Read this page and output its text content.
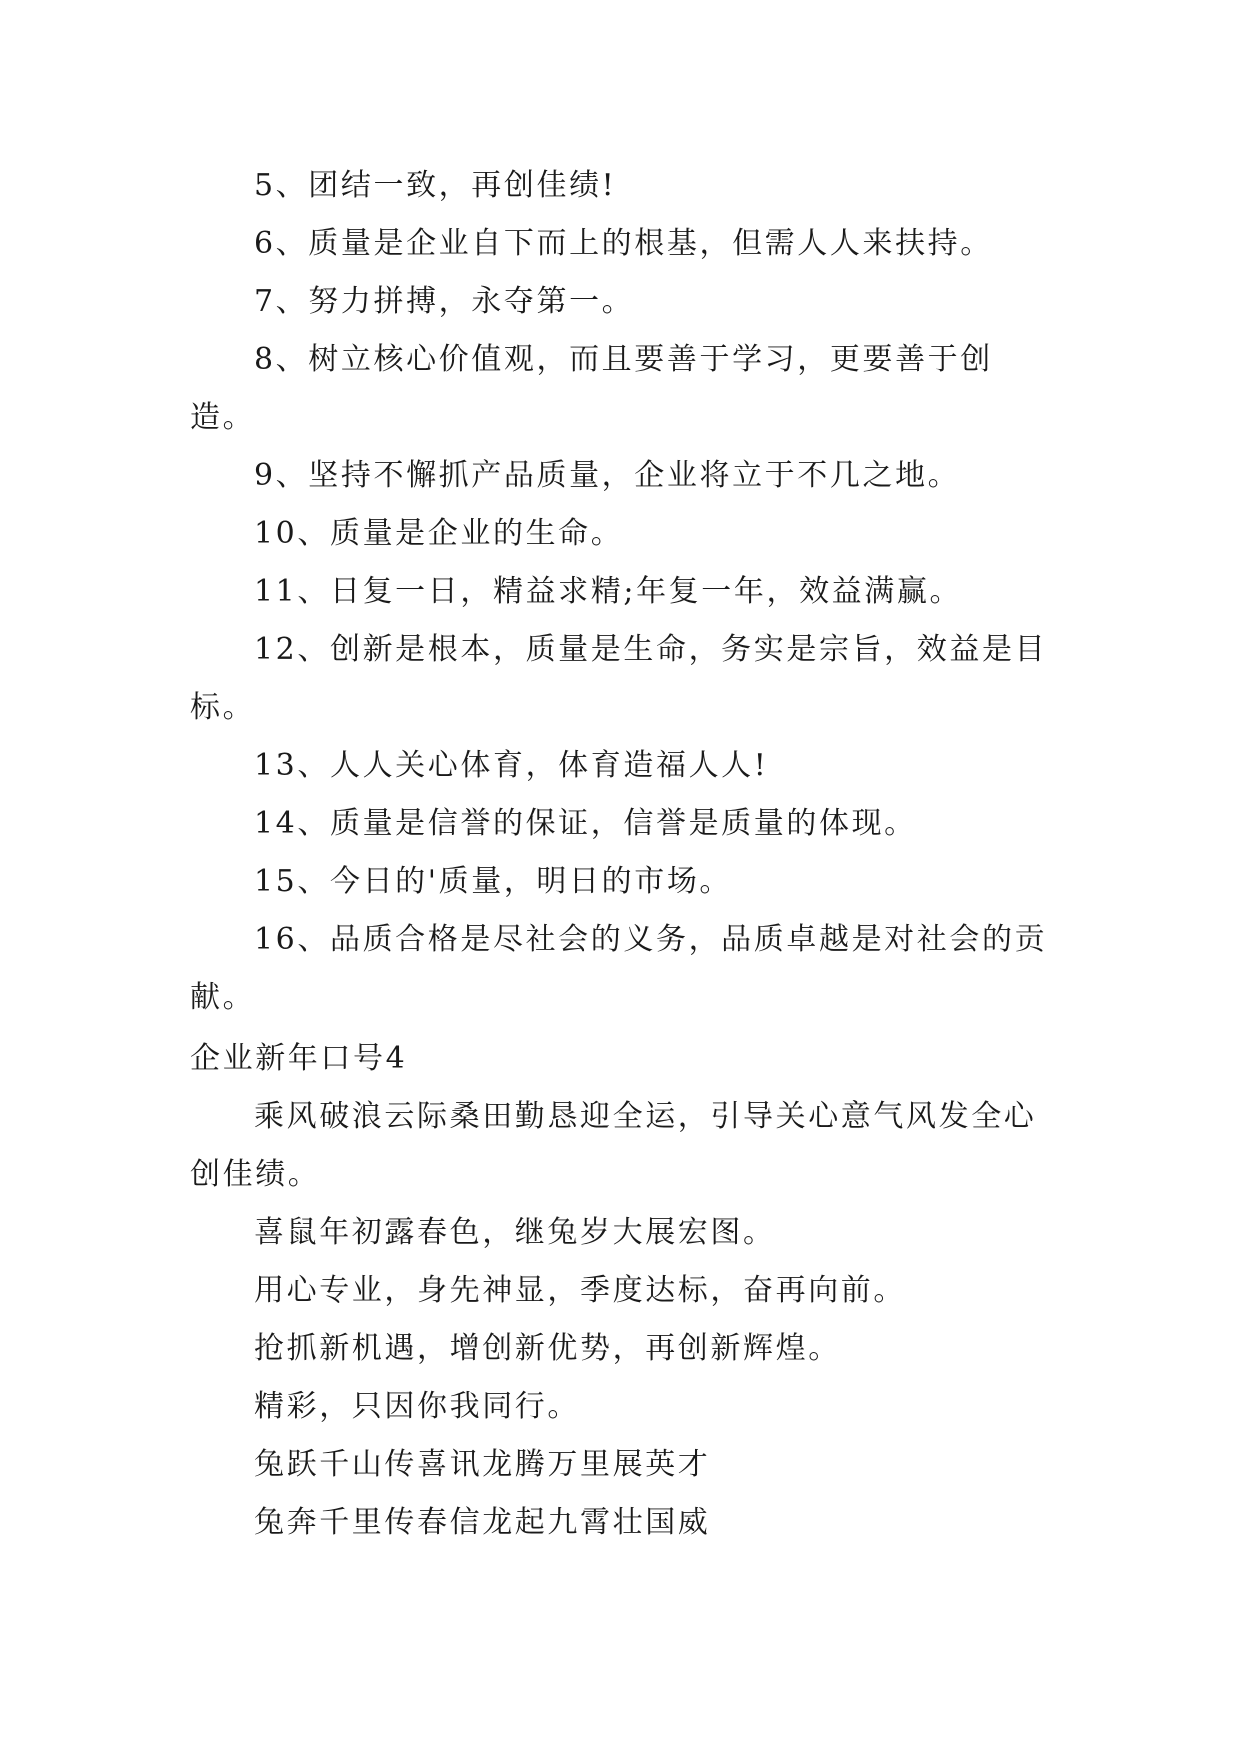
5、团结一致，再创佳绩!

6、质量是企业自下而上的根基，但需人人来扶持。

7、努力拼搏，永夺第一。

8、树立核心价值观，而且要善于学习，更要善于创造。

9、坚持不懈抓产品质量，企业将立于不几之地。

10、质量是企业的生命。

11、日复一日，精益求精;年复一年，效益满赢。

12、创新是根本，质量是生命，务实是宗旨，效益是目标。

13、人人关心体育，体育造福人人!

14、质量是信誉的保证，信誉是质量的体现。

15、今日的'质量，明日的市场。

16、品质合格是尽社会的义务，品质卓越是对社会的贡献。

企业新年口号4

乘风破浪云际桑田勤恳迎全运，引导关心意气风发全心创佳绩。

喜鼠年初露春色，继兔岁大展宏图。

用心专业，身先神显，季度达标，奋再向前。

抢抓新机遇，增创新优势，再创新辉煌。

精彩，只因你我同行。

兔跃千山传喜讯龙腾万里展英才

兔奔千里传春信龙起九霄壮国威
